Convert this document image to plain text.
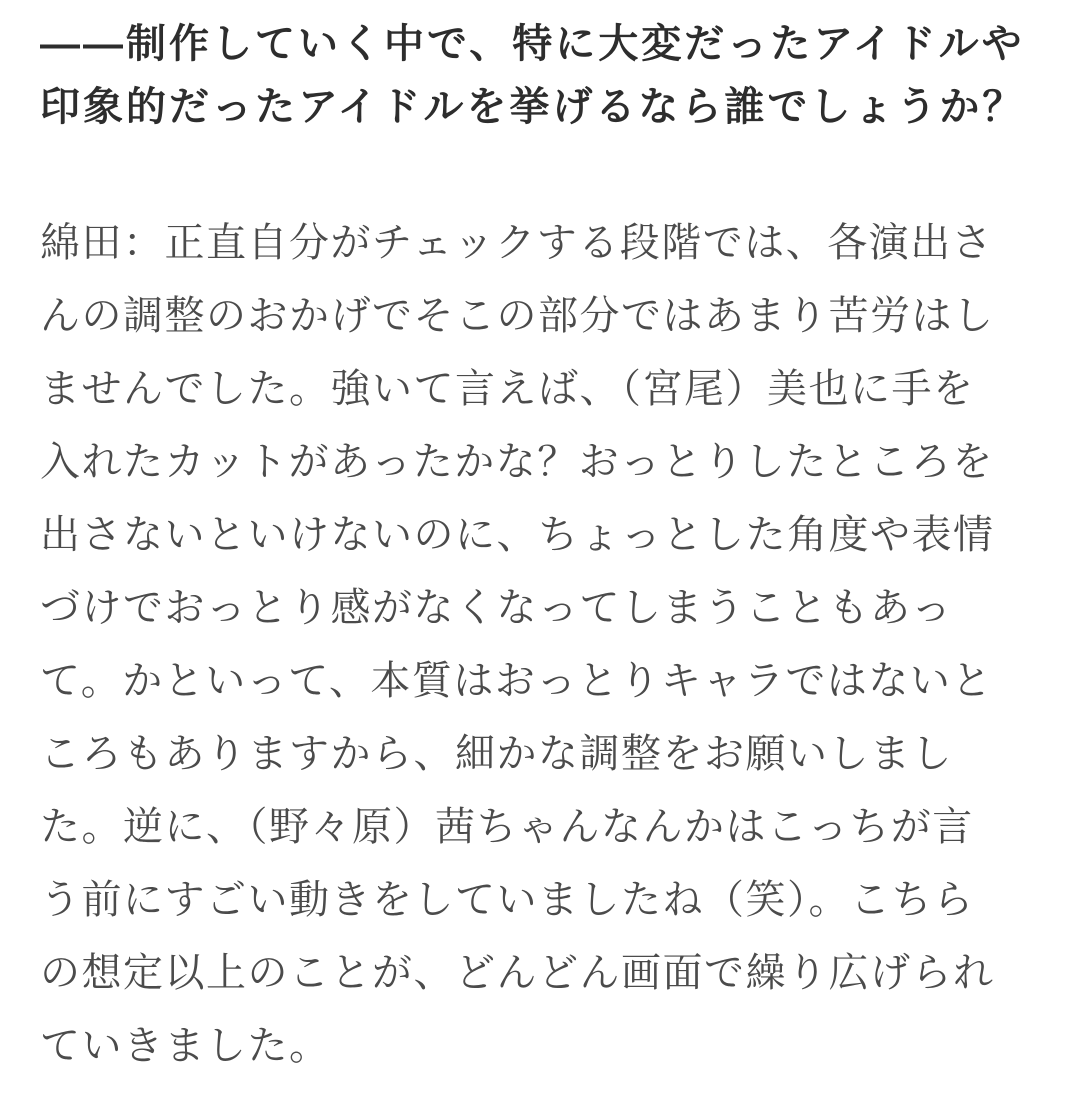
――制作していく中で、特に大変だったアイドルや
印象的だったアイドルを挙げるなら誰でしょうか？

綿田：正直自分がチェックする段階では、各演出さ
んの調整のおかげでそこの部分ではあまり苦労はし
ませんでした。強いて言えば、（宮尾）美也に手を
入れたカットがあったかな？おっとりしたところを
出さないといけないのに、ちょっとした角度や表情
づけでおっとり感がなくなってしまうこともあっ
て。かといって、本質はおっとりキャラではないと
ころもありますから、細かな調整をお願いしまし
た。逆に、（野々原）茜ちゃんなんかはこっちが言
う前にすごい動きをしていましたね（笑）。こちら
の想定以上のことが、どんどん画面で繰り広げられ
ていきました。
